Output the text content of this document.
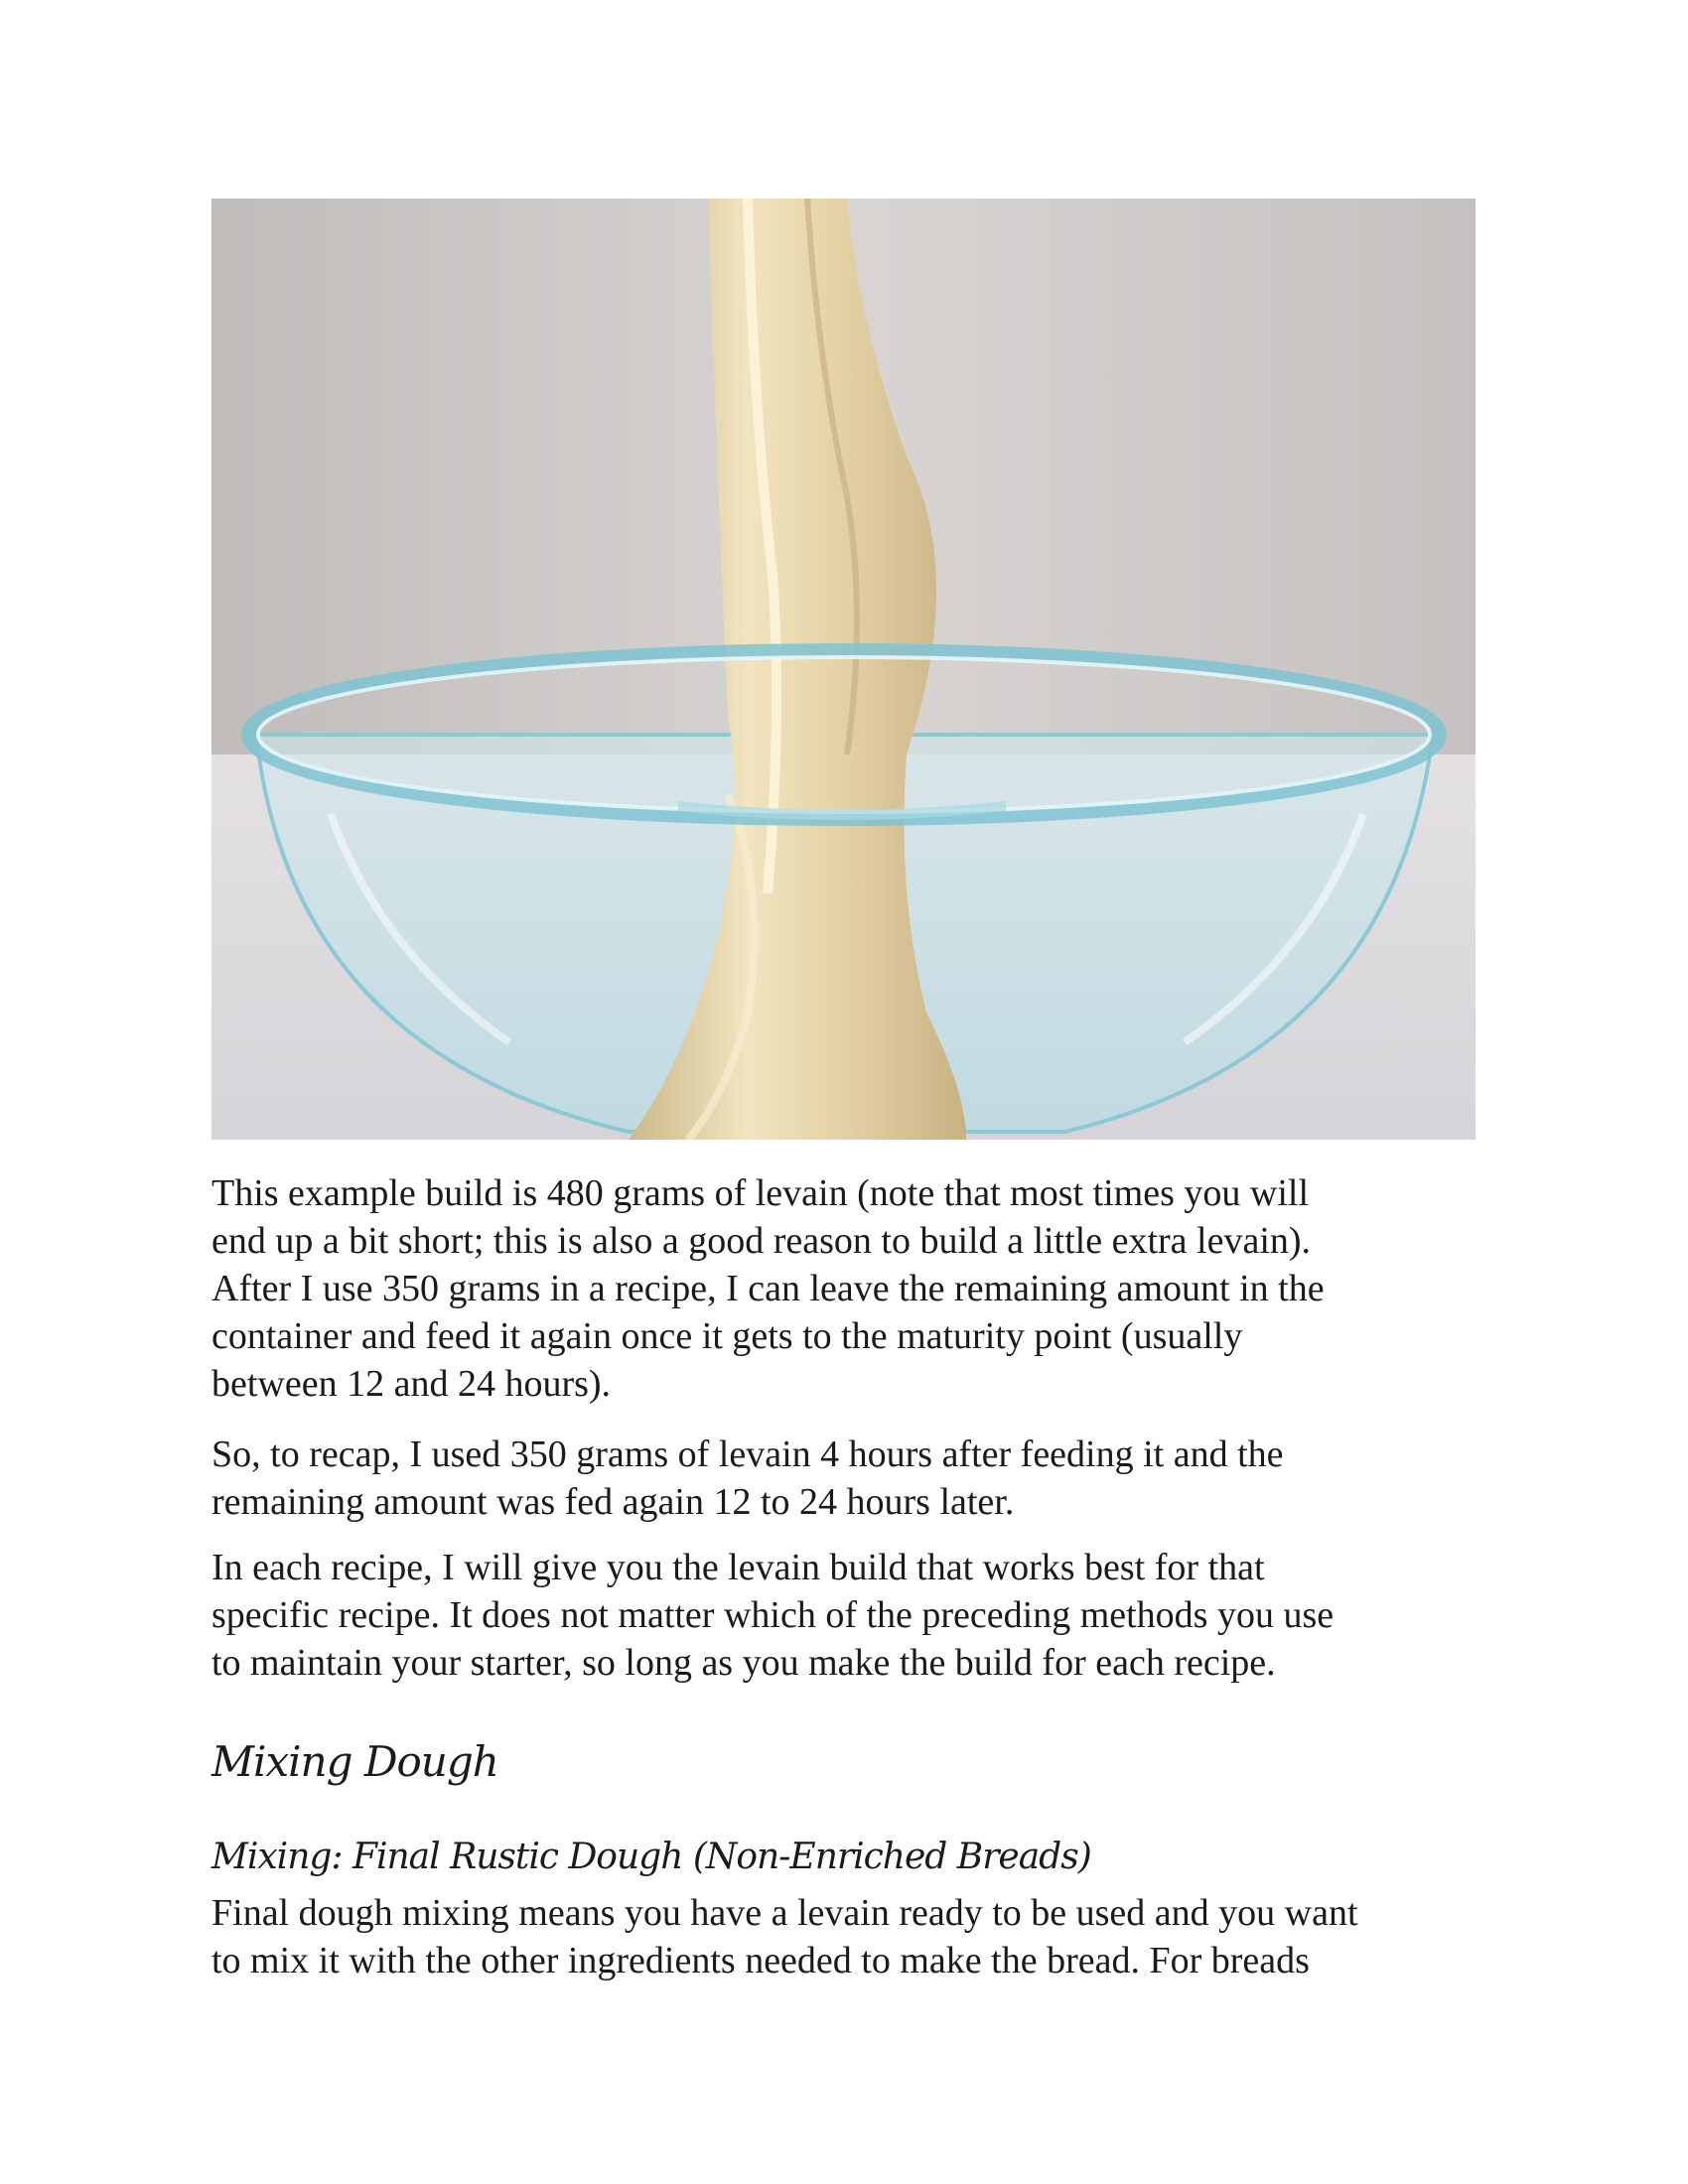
This example build is 480 grams of levain (note that most times you will
end up a bit short; this is also a good reason to build a little extra levain).
After I use 350 grams in a recipe, I can leave the remaining amount in the
container and feed it again once it gets to the maturity point (usually
between 12 and 24 hours).

So, to recap, I used 350 grams of levain 4 hours after feeding it and the
remaining amount was fed again 12 to 24 hours later.

In each recipe, I will give you the levain build that works best for that
specific recipe. It does not matter which of the preceding methods you use
to maintain your starter, so long as you make the build for each recipe.

Mixing Dough
Mixing: Final Rustic Dough (Non-Enriched Breads)

Final dough mixing means you have a levain ready to be used and you want
to mix it with the other ingredients needed to make the bread. For breads
